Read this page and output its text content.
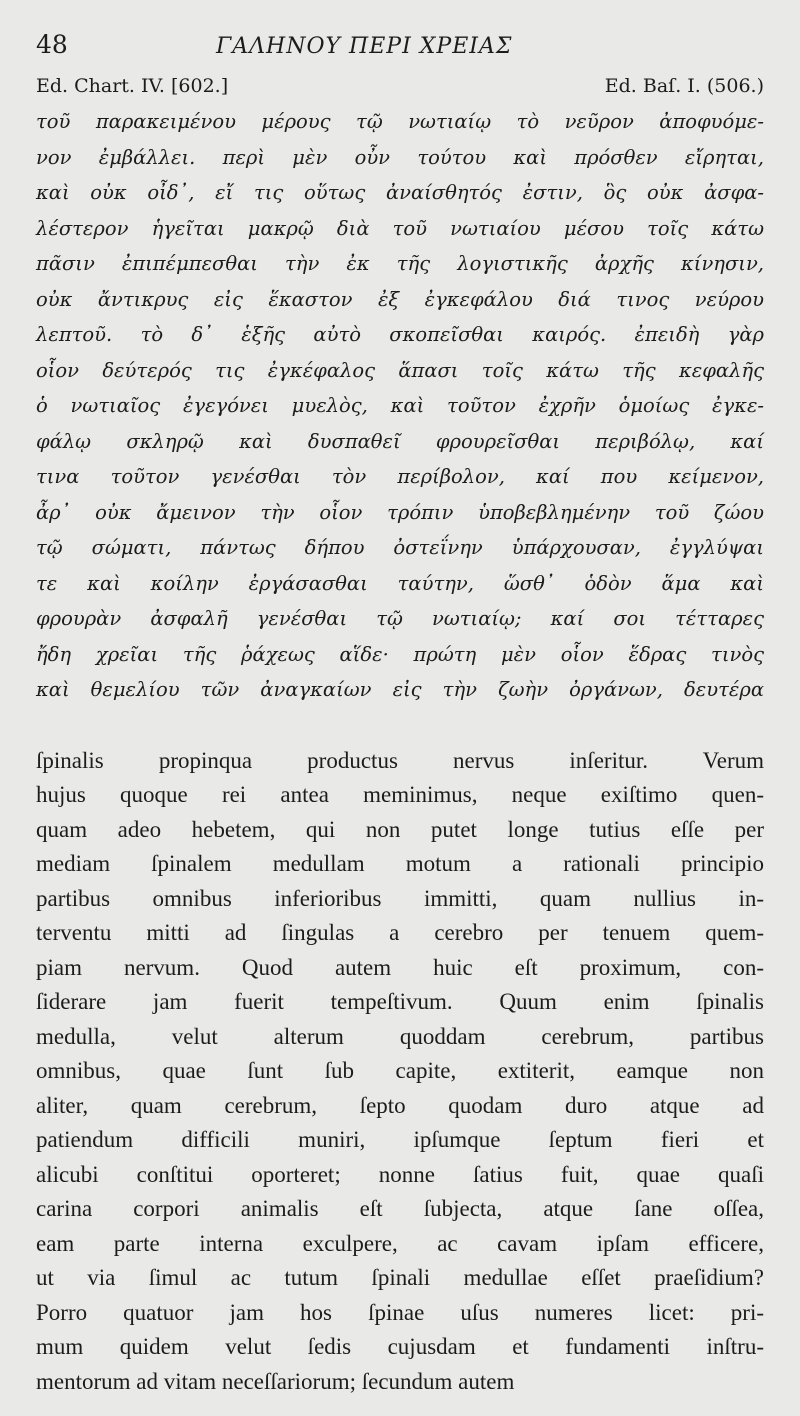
48	ΓΑΛΗΝΟΥ ΠΕΡΙ ΧΡΕΙΑΣ
Ed. Chart. IV. [602.]	Ed. Baſ. I. (506.)
τοῦ παρακειμένου μέρους τῷ νωτιαίῳ τὸ νεῦρον ἀποφυόμε-
νον ἐμβάλλει. περὶ μὲν οὖν τούτου καὶ πρόσθεν εἴρηται,
καὶ οὐκ οἶδ᾽, εἴ τις οὕτως ἀναίσθητός ἐστιν, ὃς οὐκ ἀσφα-
λέστερον ἡγεῖται μακρῷ διὰ τοῦ νωτιαίου μέσου τοῖς κάτω
πᾶσιν ἐπιπέμπεσθαι τὴν ἐκ τῆς λογιστικῆς ἀρχῆς κίνησιν,
οὐκ ἄντικρυς εἰς ἕκαστον ἐξ ἐγκεφάλου διά τινος νεύρου
λεπτοῦ. τὸ δ᾽ ἑξῆς αὐτὸ σκοπεῖσθαι καιρός. ἐπειδὴ γὰρ
οἷον δεύτερός τις ἐγκέφαλος ἅπασι τοῖς κάτω τῆς κεφαλῆς
ὁ νωτιαῖος ἐγεγόνει μυελὸς, καὶ τοῦτον ἐχρῆν ὁμοίως ἐγκε-
φάλῳ σκληρῷ καὶ δυσπαθεῖ φρουρεῖσθαι περιβόλῳ, καί
τινα τοῦτον γενέσθαι τὸν περίβολον, καί που κείμενον,
ἆρ᾽ οὐκ ἄμεινον τὴν οἷον τρόπιν ὑποβεβλημένην τοῦ ζώου
τῷ σώματι, πάντως δήπου ὀστεΐνην ὑπάρχουσαν, ἐγγλύψαι
τε καὶ κοίλην ἐργάσασθαι ταύτην, ὥσθ᾽ ὁδὸν ἅμα καὶ
φρουρὰν ἀσφαλῆ γενέσθαι τῷ νωτιαίῳ; καί σοι τέτταρες
ἤδη χρεῖαι τῆς ῥάχεως αἵδε· πρώτη μὲν οἷον ἕδρας τινὸς
καὶ θεμελίου τῶν ἀναγκαίων εἰς τὴν ζωὴν ὀργάνων, δευτέρα
ſpinalis propinqua productus nervus inſeritur. Verum
hujus quoque rei antea meminimus, neque exiſtimo quen-
quam adeo hebetem, qui non putet longe tutius eſſe per
mediam ſpinalem medullam motum a rationali principio
partibus omnibus inferioribus immitti, quam nullius in-
terventu mitti ad ſingulas a cerebro per tenuem quem-
piam nervum. Quod autem huic eſt proximum, con-
ſiderare jam fuerit tempeſtivum. Quum enim ſpinalis
medulla, velut alterum quoddam cerebrum, partibus
omnibus, quae ſunt ſub capite, extiterit, eamque non
aliter, quam cerebrum, ſepto quodam duro atque ad
patiendum difficili muniri, ipſumque ſeptum fieri et
alicubi conſtitui oporteret; nonne ſatius fuit, quae quaſi
carina corpori animalis eſt ſubjecta, atque ſane oſſea,
eam parte interna exculpere, ac cavam ipſam efficere,
ut via ſimul ac tutum ſpinali medullae eſſet praeſidium?
Porro quatuor jam hos ſpinae uſus numeres licet: pri-
mum quidem velut ſedis cujusdam et fundamenti inſtru-
mentorum ad vitam neceſſariorum; ſecundum autem
